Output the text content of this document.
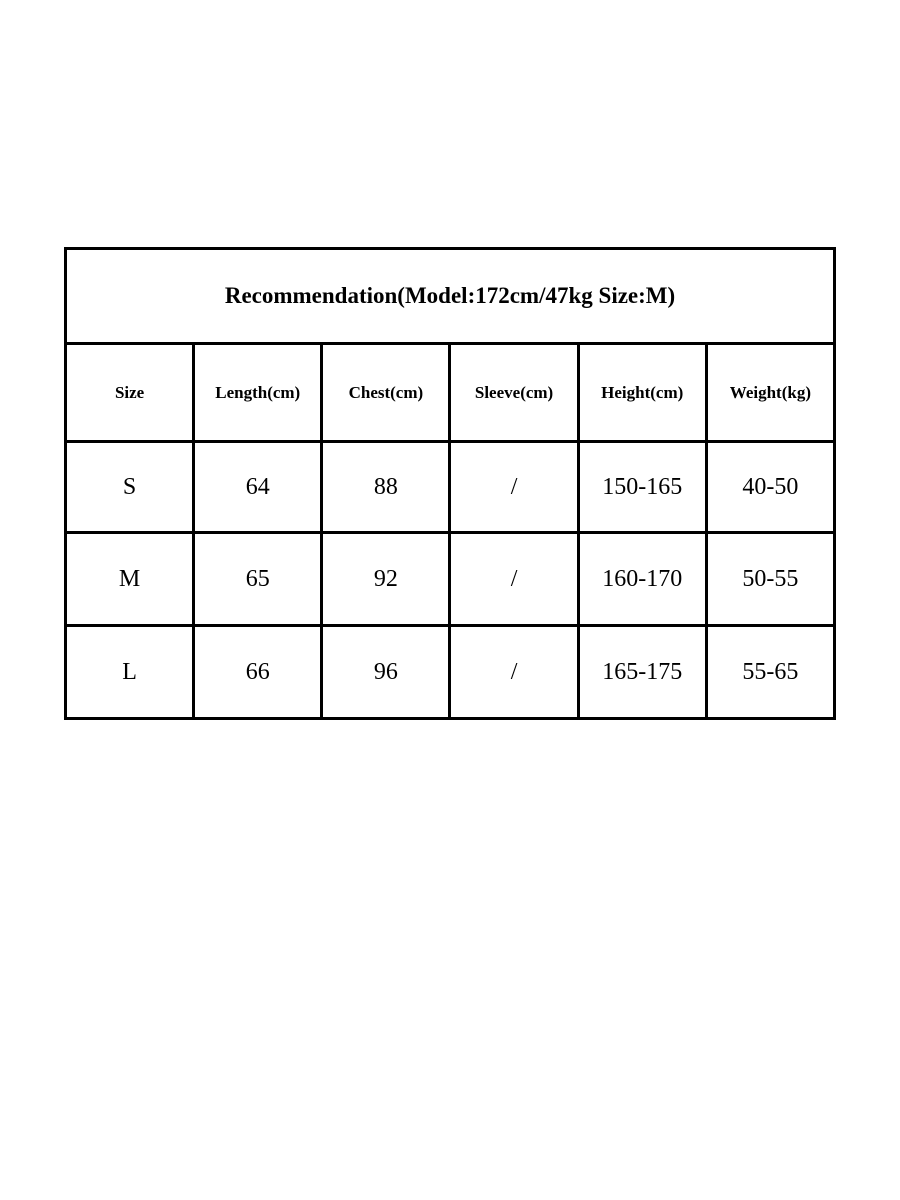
Recommendation(Model:172cm/47kg Size:M)					
Size	Length(cm)	Chest(cm)	Sleeve(cm)	Height(cm)	Weight(kg)
S	64	88	/	150-165	40-50
M	65	92	/	160-170	50-55
L	66	96	/	165-175	55-65
